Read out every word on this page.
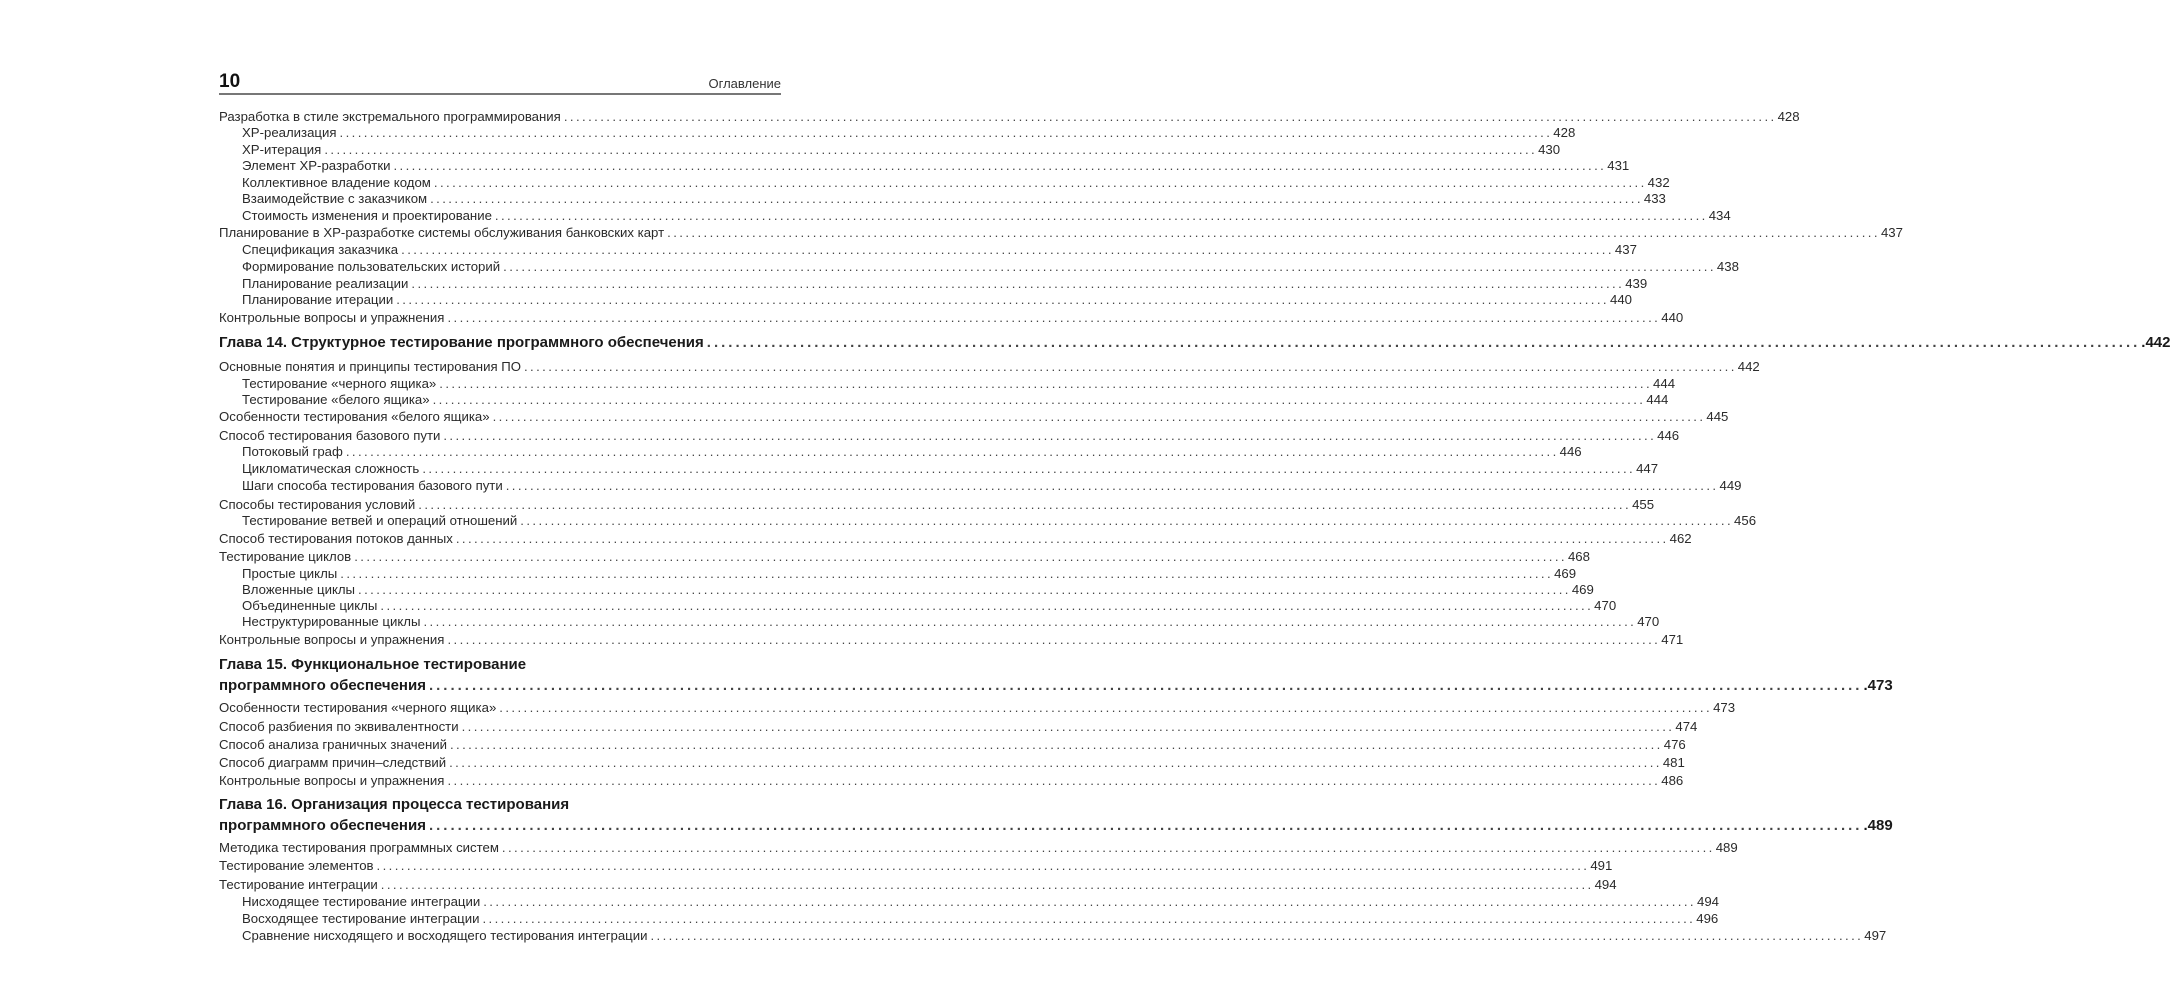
10	Оглавление
Разработка в стиле экстремального программирования ........................................................................................................................................................................................................ 428
XP-реализация ........................................................................................................................................................................................................ 428
XP-итерация ........................................................................................................................................................................................................ 430
Элемент XP-разработки ........................................................................................................................................................................................................ 431
Коллективное владение кодом ........................................................................................................................................................................................................ 432
Взаимодействие с заказчиком ........................................................................................................................................................................................................ 433
Стоимость изменения и проектирование ........................................................................................................................................................................................................ 434
Планирование в XP-разработке системы обслуживания банковских карт ........................................................................................................................................................................................................ 437
Спецификация заказчика ........................................................................................................................................................................................................ 437
Формирование пользовательских историй ........................................................................................................................................................................................................ 438
Планирование реализации ........................................................................................................................................................................................................ 439
Планирование итерации ........................................................................................................................................................................................................ 440
Контрольные вопросы и упражнения ........................................................................................................................................................................................................ 440
Глава 14. Структурное тестирование программного обеспечения ........................................................................................................................................................................................................ .442
Основные понятия и принципы тестирования ПО ........................................................................................................................................................................................................ 442
Тестирование «черного ящика» ........................................................................................................................................................................................................ 444
Тестирование «белого ящика» ........................................................................................................................................................................................................ 444
Особенности тестирования «белого ящика» ........................................................................................................................................................................................................ 445
Способ тестирования базового пути ........................................................................................................................................................................................................ 446
Потоковый граф ........................................................................................................................................................................................................ 446
Цикломатическая сложность ........................................................................................................................................................................................................ 447
Шаги способа тестирования базового пути ........................................................................................................................................................................................................ 449
Способы тестирования условий ........................................................................................................................................................................................................ 455
Тестирование ветвей и операций отношений ........................................................................................................................................................................................................ 456
Способ тестирования потоков данных ........................................................................................................................................................................................................ 462
Тестирование циклов ........................................................................................................................................................................................................ 468
Простые циклы ........................................................................................................................................................................................................ 469
Вложенные циклы ........................................................................................................................................................................................................ 469
Объединенные циклы ........................................................................................................................................................................................................ 470
Неструктурированные циклы ........................................................................................................................................................................................................ 470
Контрольные вопросы и упражнения ........................................................................................................................................................................................................ 471
Глава 15. Функциональное тестирование
программного обеспечения ........................................................................................................................................................................................................ .473
Особенности тестирования «черного ящика» ........................................................................................................................................................................................................ 473
Способ разбиения по эквивалентности ........................................................................................................................................................................................................ 474
Способ анализа граничных значений ........................................................................................................................................................................................................ 476
Способ диаграмм причин–следствий ........................................................................................................................................................................................................ 481
Контрольные вопросы и упражнения ........................................................................................................................................................................................................ 486
Глава 16. Организация процесса тестирования
программного обеспечения ........................................................................................................................................................................................................ .489
Методика тестирования программных систем ........................................................................................................................................................................................................ 489
Тестирование элементов ........................................................................................................................................................................................................ 491
Тестирование интеграции ........................................................................................................................................................................................................ 494
Нисходящее тестирование интеграции ........................................................................................................................................................................................................ 494
Восходящее тестирование интеграции ........................................................................................................................................................................................................ 496
Сравнение нисходящего и восходящего тестирования интеграции ........................................................................................................................................................................................................ 497
